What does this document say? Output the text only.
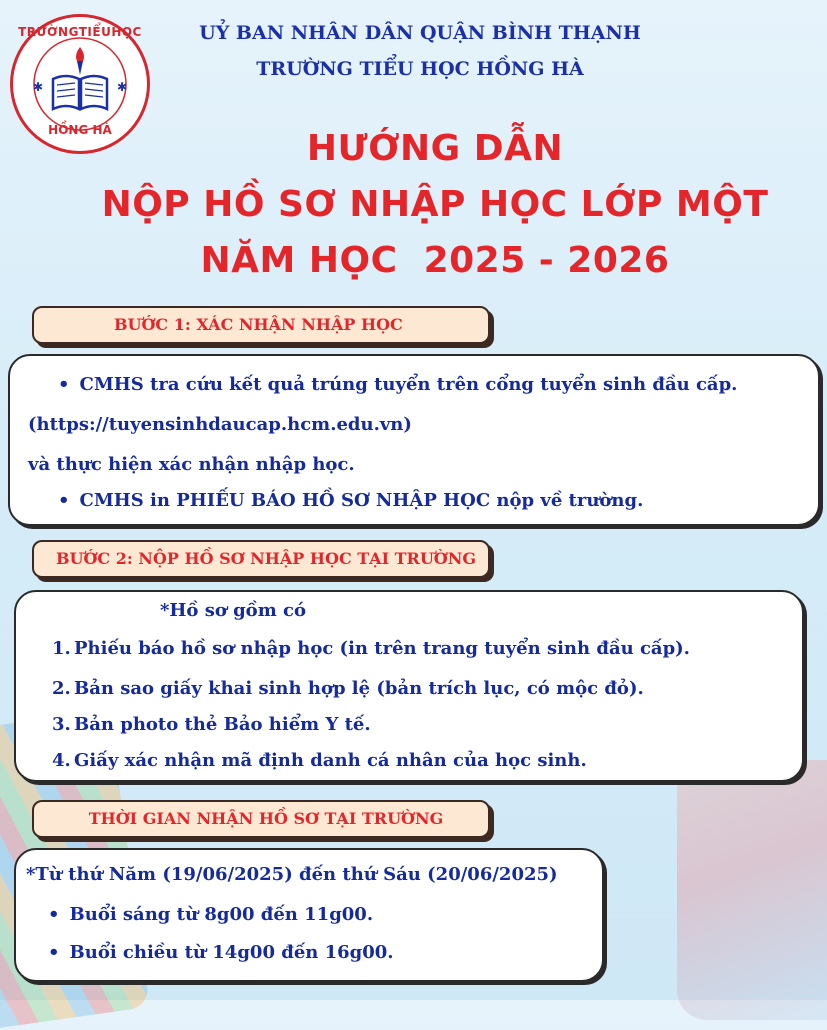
✱	✱
TRƯỜNGTIỂUHỌC
HỒNG HÀ
UỶ BAN NHÂN DÂN QUẬN BÌNH THẠNH
TRƯỜNG TIỂU HỌC HỒNG HÀ
HƯỚNG DẪN
NỘP HỒ SƠ NHẬP HỌC LỚP MỘT
NĂM HỌC  2025 - 2026
BƯỚC 1: XÁC NHẬN NHẬP HỌC
• CMHS tra cứu kết quả trúng tuyển trên cổng tuyển sinh đầu cấp.
(https://tuyensinhdaucap.hcm.edu.vn)
và thực hiện xác nhận nhập học.
• CMHS in PHIẾU BÁO HỒ SƠ NHẬP HỌC nộp về trường.
BƯỚC 2: NỘP HỒ SƠ NHẬP HỌC TẠI TRƯỜNG
*Hồ sơ gồm có
1. Phiếu báo hồ sơ nhập học (in trên trang tuyển sinh đầu cấp).
2. Bản sao giấy khai sinh hợp lệ (bản trích lục, có mộc đỏ).
3. Bản photo thẻ Bảo hiểm Y tế.
4. Giấy xác nhận mã định danh cá nhân của học sinh.
THỜI GIAN NHẬN HỒ SƠ TẠI TRƯỜNG
*Từ thứ Năm (19/06/2025) đến thứ Sáu (20/06/2025)
• Buổi sáng từ 8g00 đến 11g00.
• Buổi chiều từ 14g00 đến 16g00.
